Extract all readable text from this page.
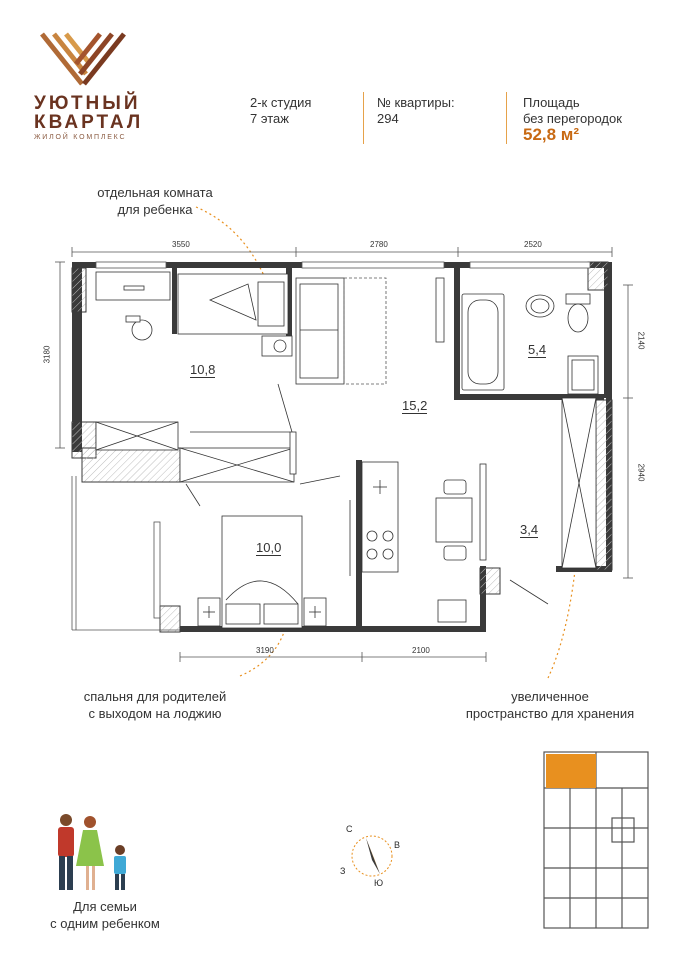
УЮТНЫЙ
КВАРТАЛ
ЖИЛОЙ КОМПЛЕКС
2-к студия
7 этаж
№ квартиры:
294
Площадь
без перегородок
52,8 м²
отдельная комната
для ребенка
спальня для родителей
с выходом на лоджию
увеличенное
пространство для хранения
3550	2780	2520
3180
2140
2940
3190	2100
10,8
15,2
5,4
3,4
10,0
С
В
З
Ю
Для семьи
с одним ребенком
